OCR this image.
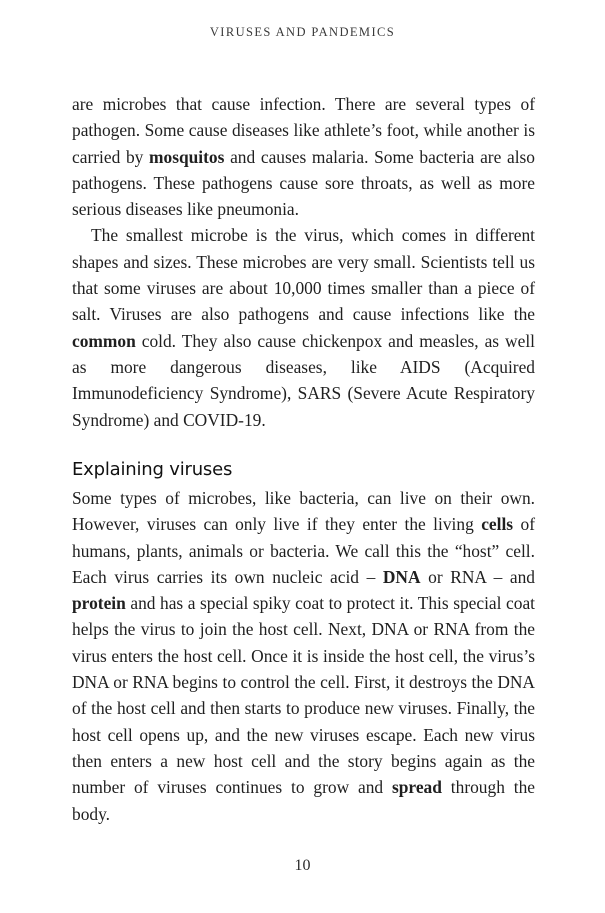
VIRUSES AND PANDEMICS

are microbes that cause infection. There are several types of pathogen. Some cause diseases like athlete’s foot, while another is carried by mosquitos and causes malaria. Some bacteria are also pathogens. These pathogens cause sore throats, as well as more serious diseases like pneumonia.

The smallest microbe is the virus, which comes in different shapes and sizes. These microbes are very small. Scientists tell us that some viruses are about 10,000 times smaller than a piece of salt. Viruses are also pathogens and cause infections like the common cold. They also cause chickenpox and measles, as well as more dangerous diseases, like AIDS (Acquired Immunodeficiency Syndrome), SARS (Severe Acute Respiratory Syndrome) and COVID-19.

Explaining viruses

Some types of microbes, like bacteria, can live on their own. However, viruses can only live if they enter the living cells of humans, plants, animals or bacteria. We call this the “host” cell. Each virus carries its own nucleic acid – DNA or RNA – and protein and has a special spiky coat to protect it. This special coat helps the virus to join the host cell. Next, DNA or RNA from the virus enters the host cell. Once it is inside the host cell, the virus’s DNA or RNA begins to control the cell. First, it destroys the DNA of the host cell and then starts to produce new viruses. Finally, the host cell opens up, and the new viruses escape. Each new virus then enters a new host cell and the story begins again as the number of viruses continues to grow and spread through the body.

10
